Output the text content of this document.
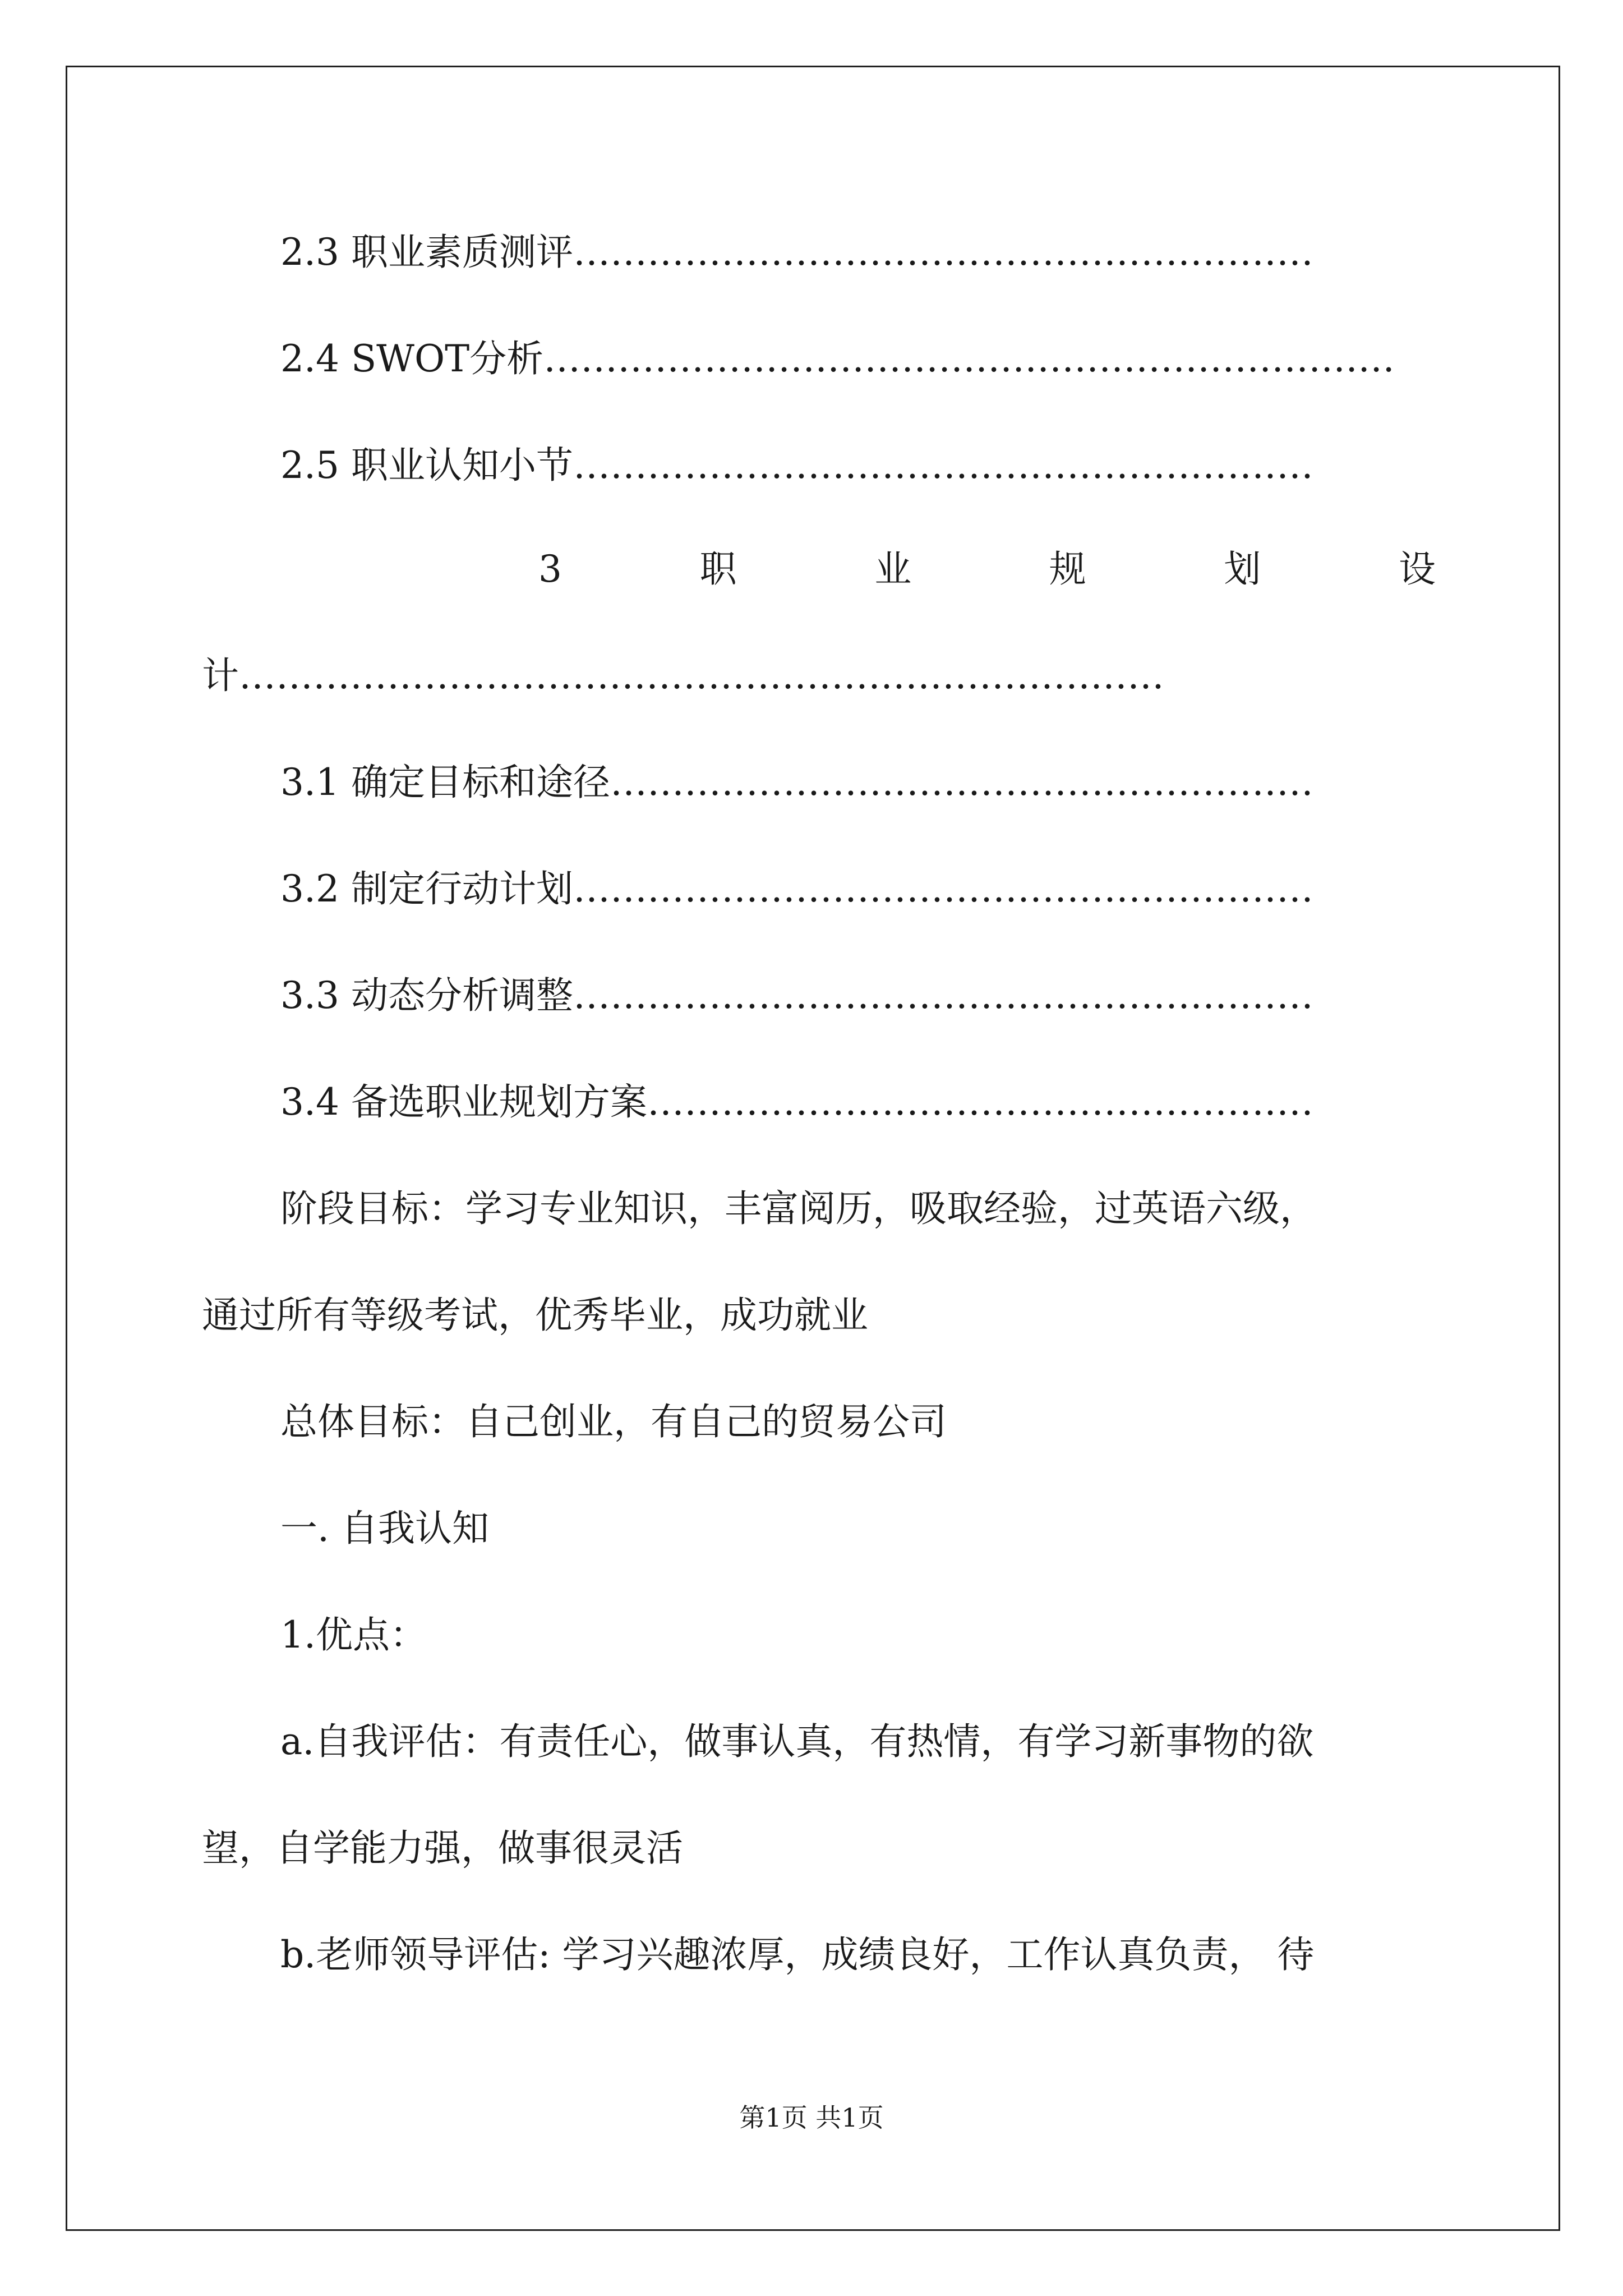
2.3 职业素质测评……………………………………………………
2.4 SWOT分析……………………………………………………………
2.5 职业认知小节……………………………………………………
3	职	业	规	划	设
计…………………………………………………………………
3.1 确定目标和途径…………………………………………………
3.2 制定行动计划……………………………………………………
3.3 动态分析调整……………………………………………………
3.4 备选职业规划方案………………………………………………
阶段目标：学习专业知识，丰富阅历，吸取经验，过英语六级，
通过所有等级考试，优秀毕业，成功就业
总体目标：自己创业，有自己的贸易公司
一. 自我认知
1.优点：
a.自我评估：有责任心，做事认真，有热情，有学习新事物的欲
望，自学能力强，做事很灵活
b.老师领导评估: 学习兴趣浓厚，成绩良好，工作认真负责， 待
第1页 共1页
